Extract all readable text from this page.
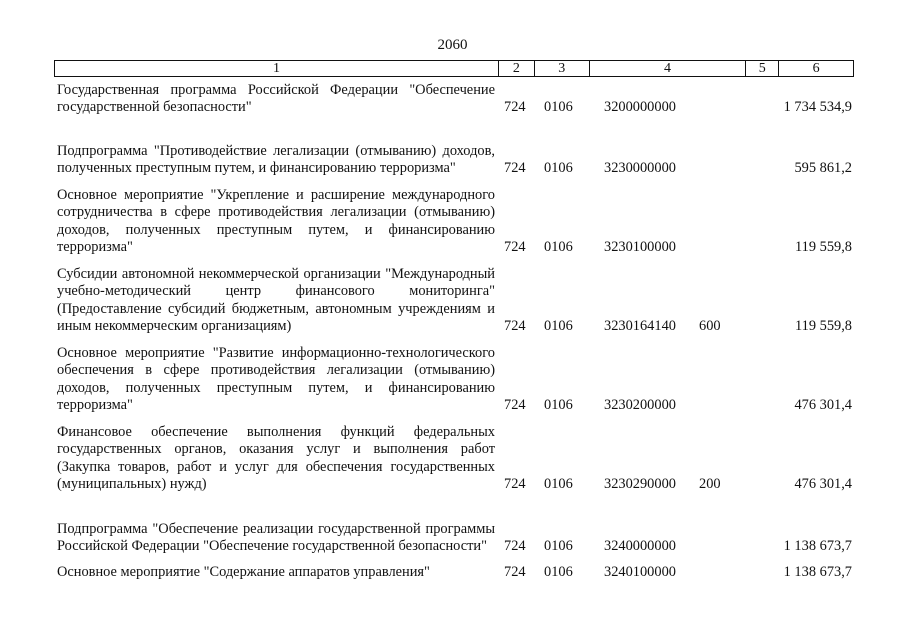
2060
1	2	3	4	5	6
Государственная программа Российской Федерации "Обеспечение государственной безопасности"	724 0106 3200000000	1 734 534,9
Подпрограмма "Противодействие легализации (отмыванию) доходов, полученных преступным путем, и финансированию терроризма"	724 0106 3230000000	595 861,2
Основное мероприятие "Укрепление и расширение международного сотрудничества в сфере противодействия легализации (отмыванию) доходов, полученных преступным путем, и финансированию терроризма"	724 0106 3230100000	119 559,8
Субсидии автономной некоммерческой организации "Международный учебно-методический центр финансового мониторинга" (Предоставление субсидий бюджетным, автономным учреждениям и иным некоммерческим организациям)	724 0106 3230164140 600	119 559,8
Основное мероприятие "Развитие информационно-технологического обеспечения в сфере противодействия легализации (отмыванию) доходов, полученных преступным путем, и финансированию терроризма"	724 0106 3230200000	476 301,4
Финансовое обеспечение выполнения функций федеральных государственных органов, оказания услуг и выполнения работ (Закупка товаров, работ и услуг для обеспечения государственных (муниципальных) нужд)	724 0106 3230290000 200	476 301,4
Подпрограмма "Обеспечение реализации государственной программы Российской Федерации "Обеспечение государственной безопасности"	724 0106 3240000000	1 138 673,7
Основное мероприятие "Содержание аппаратов управления"	724 0106 3240100000	1 138 673,7
